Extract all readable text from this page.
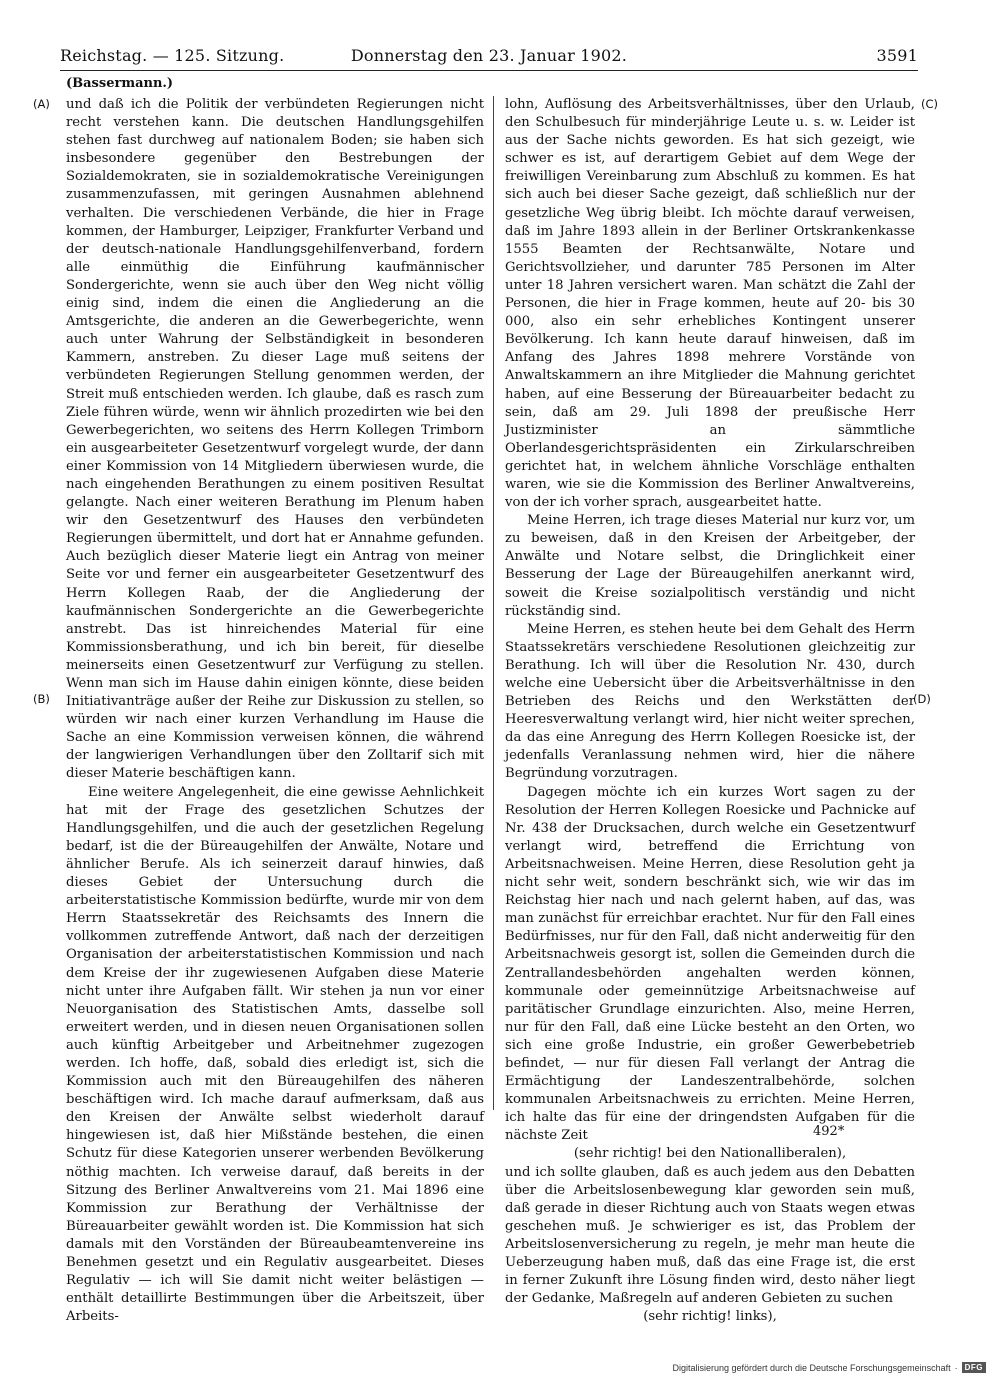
Reichstag. — 125. Sitzung.	Donnerstag den 23. Januar 1902.	3591
(Bassermann.)
(A)
(B)
(C)
(D)

und daß ich die Politik der verbündeten Regierungen nicht recht verstehen kann. Die deutschen Handlungsgehilfen stehen fast durchweg auf nationalem Boden; sie haben sich insbesondere gegenüber den Bestrebungen der Sozialdemokraten, sie in sozialdemokratische Vereinigungen zusammenzufassen, mit geringen Ausnahmen ablehnend verhalten. Die verschiedenen Verbände, die hier in Frage kommen, der Hamburger, Leipziger, Frankfurter Verband und der deutsch-nationale Handlungsgehilfenverband, fordern alle einmüthig die Einführung kaufmännischer Sondergerichte, wenn sie auch über den Weg nicht völlig einig sind, indem die einen die Angliederung an die Amtsgerichte, die anderen an die Gewerbegerichte, wenn auch unter Wahrung der Selbständigkeit in besonderen Kammern, anstreben. Zu dieser Lage muß seitens der verbündeten Regierungen Stellung genommen werden, der Streit muß entschieden werden. Ich glaube, daß es rasch zum Ziele führen würde, wenn wir ähnlich prozedirten wie bei den Gewerbegerichten, wo seitens des Herrn Kollegen Trimborn ein ausgearbeiteter Gesetzentwurf vorgelegt wurde, der dann einer Kommission von 14 Mitgliedern überwiesen wurde, die nach eingehenden Berathungen zu einem positiven Resultat gelangte. Nach einer weiteren Berathung im Plenum haben wir den Gesetzentwurf des Hauses den verbündeten Regierungen übermittelt, und dort hat er Annahme gefunden. Auch bezüglich dieser Materie liegt ein Antrag von meiner Seite vor und ferner ein ausgearbeiteter Gesetzentwurf des Herrn Kollegen Raab, der die Angliederung der kaufmännischen Sondergerichte an die Gewerbegerichte anstrebt. Das ist hinreichendes Material für eine Kommissionsberathung, und ich bin bereit, für dieselbe meinerseits einen Gesetzentwurf zur Verfügung zu stellen. Wenn man sich im Hause dahin einigen könnte, diese beiden Initiativanträge außer der Reihe zur Diskussion zu stellen, so würden wir nach einer kurzen Verhandlung im Hause die Sache an eine Kommission verweisen können, die während der langwierigen Verhandlungen über den Zolltarif sich mit dieser Materie beschäftigen kann.

Eine weitere Angelegenheit, die eine gewisse Aehnlichkeit hat mit der Frage des gesetzlichen Schutzes der Handlungsgehilfen, und die auch der gesetzlichen Regelung bedarf, ist die der Büreaugehilfen der Anwälte, Notare und ähnlicher Berufe. Als ich seinerzeit darauf hinwies, daß dieses Gebiet der Untersuchung durch die arbeiterstatistische Kommission bedürfte, wurde mir von dem Herrn Staatssekretär des Reichsamts des Innern die vollkommen zutreffende Antwort, daß nach der derzeitigen Organisation der arbeiterstatistischen Kommission und nach dem Kreise der ihr zugewiesenen Aufgaben diese Materie nicht unter ihre Aufgaben fällt. Wir stehen ja nun vor einer Neuorganisation des Statistischen Amts, dasselbe soll erweitert werden, und in diesen neuen Organisationen sollen auch künftig Arbeitgeber und Arbeitnehmer zugezogen werden. Ich hoffe, daß, sobald dies erledigt ist, sich die Kommission auch mit den Büreaugehilfen des näheren beschäftigen wird. Ich mache darauf aufmerksam, daß aus den Kreisen der Anwälte selbst wiederholt darauf hingewiesen ist, daß hier Mißstände bestehen, die einen Schutz für diese Kategorien unserer werbenden Bevölkerung nöthig machten. Ich verweise darauf, daß bereits in der Sitzung des Berliner Anwaltvereins vom 21. Mai 1896 eine Kommission zur Berathung der Verhältnisse der Büreauarbeiter gewählt worden ist. Die Kommission hat sich damals mit den Vorständen der Büreaubeamtenvereine ins Benehmen gesetzt und ein Regulativ ausgearbeitet. Dieses Regulativ — ich will Sie damit nicht weiter belästigen — enthält detaillirte Bestimmungen über die Arbeitszeit, über Arbeits-

lohn, Auflösung des Arbeitsverhältnisses, über den Urlaub, den Schulbesuch für minderjährige Leute u. s. w. Leider ist aus der Sache nichts geworden. Es hat sich gezeigt, wie schwer es ist, auf derartigem Gebiet auf dem Wege der freiwilligen Vereinbarung zum Abschluß zu kommen. Es hat sich auch bei dieser Sache gezeigt, daß schließlich nur der gesetzliche Weg übrig bleibt. Ich möchte darauf verweisen, daß im Jahre 1893 allein in der Berliner Ortskrankenkasse 1555 Beamten der Rechtsanwälte, Notare und Gerichtsvollzieher, und darunter 785 Personen im Alter unter 18 Jahren versichert waren. Man schätzt die Zahl der Personen, die hier in Frage kommen, heute auf 20- bis 30 000, also ein sehr erhebliches Kontingent unserer Bevölkerung. Ich kann heute darauf hinweisen, daß im Anfang des Jahres 1898 mehrere Vorstände von Anwaltskammern an ihre Mitglieder die Mahnung gerichtet haben, auf eine Besserung der Büreauarbeiter bedacht zu sein, daß am 29. Juli 1898 der preußische Herr Justizminister an sämmtliche Oberlandesgerichtspräsidenten ein Zirkularschreiben gerichtet hat, in welchem ähnliche Vorschläge enthalten waren, wie sie die Kommission des Berliner Anwaltvereins, von der ich vorher sprach, ausgearbeitet hatte.

Meine Herren, ich trage dieses Material nur kurz vor, um zu beweisen, daß in den Kreisen der Arbeitgeber, der Anwälte und Notare selbst, die Dringlichkeit einer Besserung der Lage der Büreaugehilfen anerkannt wird, soweit die Kreise sozialpolitisch verständig und nicht rückständig sind.

Meine Herren, es stehen heute bei dem Gehalt des Herrn Staatssekretärs verschiedene Resolutionen gleichzeitig zur Berathung. Ich will über die Resolution Nr. 430, durch welche eine Uebersicht über die Arbeitsverhältnisse in den Betrieben des Reichs und den Werkstätten der Heeresverwaltung verlangt wird, hier nicht weiter sprechen, da das eine Anregung des Herrn Kollegen Roesicke ist, der jedenfalls Veranlassung nehmen wird, hier die nähere Begründung vorzutragen.

Dagegen möchte ich ein kurzes Wort sagen zu der Resolution der Herren Kollegen Roesicke und Pachnicke auf Nr. 438 der Drucksachen, durch welche ein Gesetzentwurf verlangt wird, betreffend die Errichtung von Arbeitsnachweisen. Meine Herren, diese Resolution geht ja nicht sehr weit, sondern beschränkt sich, wie wir das im Reichstag hier nach und nach gelernt haben, auf das, was man zunächst für erreichbar erachtet. Nur für den Fall eines Bedürfnisses, nur für den Fall, daß nicht anderweitig für den Arbeitsnachweis gesorgt ist, sollen die Gemeinden durch die Zentrallandesbehörden angehalten werden können, kommunale oder gemeinnützige Arbeitsnachweise auf paritätischer Grundlage einzurichten. Also, meine Herren, nur für den Fall, daß eine Lücke besteht an den Orten, wo sich eine große Industrie, ein großer Gewerbebetrieb befindet, — nur für diesen Fall verlangt der Antrag die Ermächtigung der Landeszentralbehörde, solchen kommunalen Arbeitsnachweis zu errichten. Meine Herren, ich halte das für eine der dringendsten Aufgaben für die nächste Zeit

(sehr richtig! bei den Nationalliberalen),

und ich sollte glauben, daß es auch jedem aus den Debatten über die Arbeitslosenbewegung klar geworden sein muß, daß gerade in dieser Richtung auch von Staats wegen etwas geschehen muß. Je schwieriger es ist, das Problem der Arbeitslosenversicherung zu regeln, je mehr man heute die Ueberzeugung haben muß, daß das eine Frage ist, die erst in ferner Zukunft ihre Lösung finden wird, desto näher liegt der Gedanke, Maßregeln auf anderen Gebieten zu suchen

(sehr richtig! links),

492*
Digitalisierung gefördert durch die Deutsche Forschungsgemeinschaft · DFG
